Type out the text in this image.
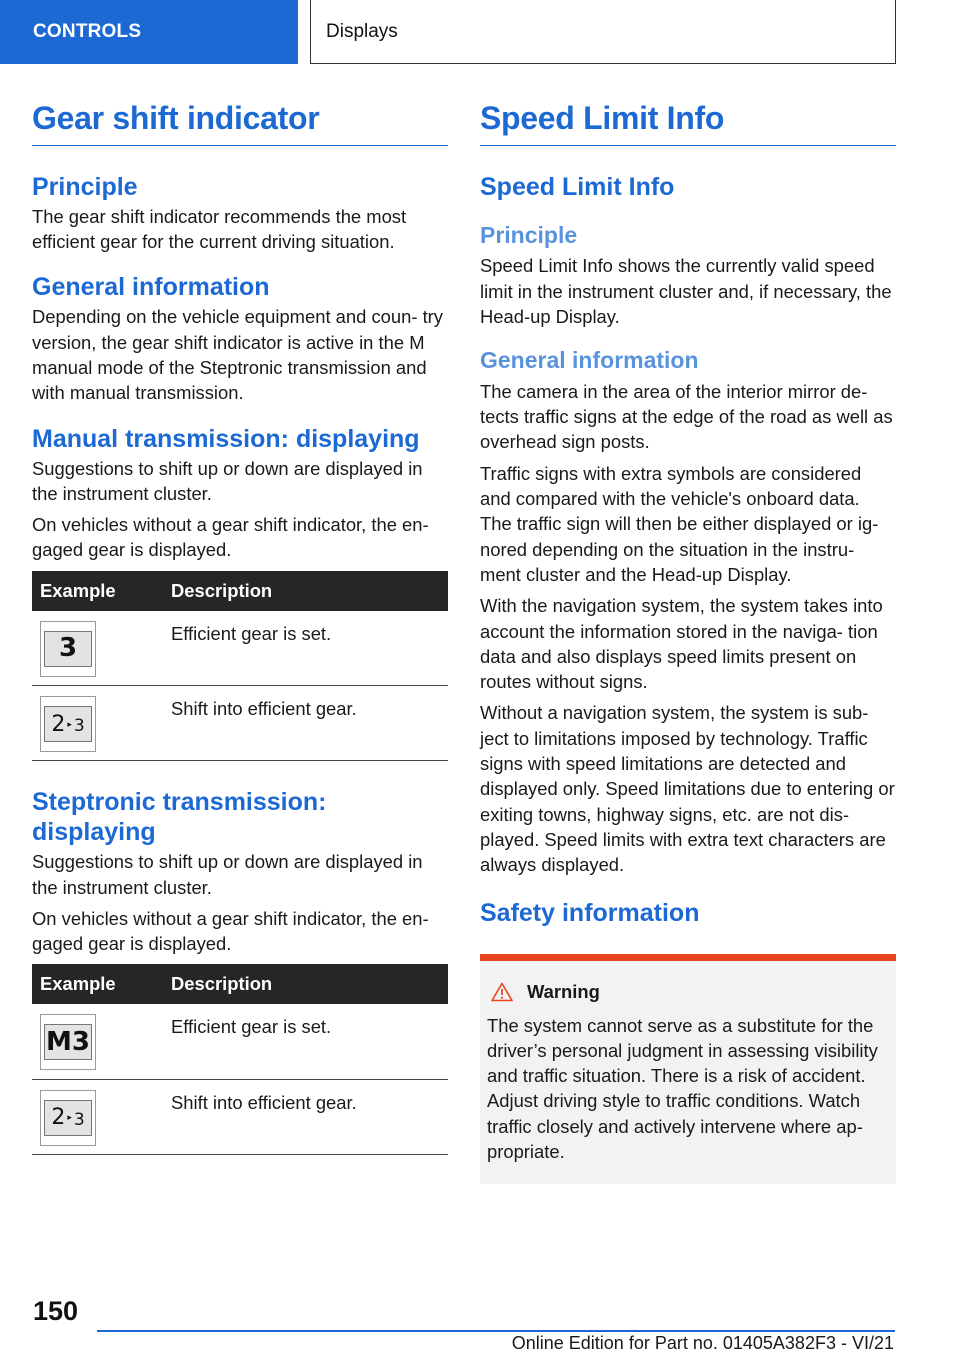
CONTROLS	Displays
Gear shift indicator
Principle

The gear shift indicator recommends the most efficient gear for the current driving situation.

General information

Depending on the vehicle equipment and coun- try version, the gear shift indicator is active in the M manual mode of the Steptronic transmission and with manual transmission.

Manual transmission: displaying

Suggestions to shift up or down are displayed in the instrument cluster.

On vehicles without a gear shift indicator, the en- gaged gear is displayed.

Example	Description

3	Efficient gear is set.

2 ▸ 3	Shift into efficient gear.
Steptronic transmission: displaying

Suggestions to shift up or down are displayed in the instrument cluster.

On vehicles without a gear shift indicator, the en- gaged gear is displayed.

Example	Description

M3	Efficient gear is set.

2 ▸ 3	Shift into efficient gear.
Speed Limit Info
Speed Limit Info
Principle

Speed Limit Info shows the currently valid speed limit in the instrument cluster and, if necessary, the Head-up Display.

General information

The camera in the area of the interior mirror de- tects traffic signs at the edge of the road as well as overhead sign posts.

Traffic signs with extra symbols are considered and compared with the vehicle's onboard data. The traffic sign will then be either displayed or ig- nored depending on the situation in the instru- ment cluster and the Head-up Display.

With the navigation system, the system takes into account the information stored in the naviga- tion data and also displays speed limits present on routes without signs.

Without a navigation system, the system is sub- ject to limitations imposed by technology. Traffic signs with speed limitations are detected and displayed only. Speed limitations due to entering or exiting towns, highway signs, etc. are not dis- played. Speed limits with extra text characters are always displayed.

Safety information
Warning

The system cannot serve as a substitute for the driver’s personal judgment in assessing visibility and traffic situation. There is a risk of accident. Adjust driving style to traffic conditions. Watch traffic closely and actively intervene where ap- propriate.

150
Online Edition for Part no. 01405A382F3 - VI/21
